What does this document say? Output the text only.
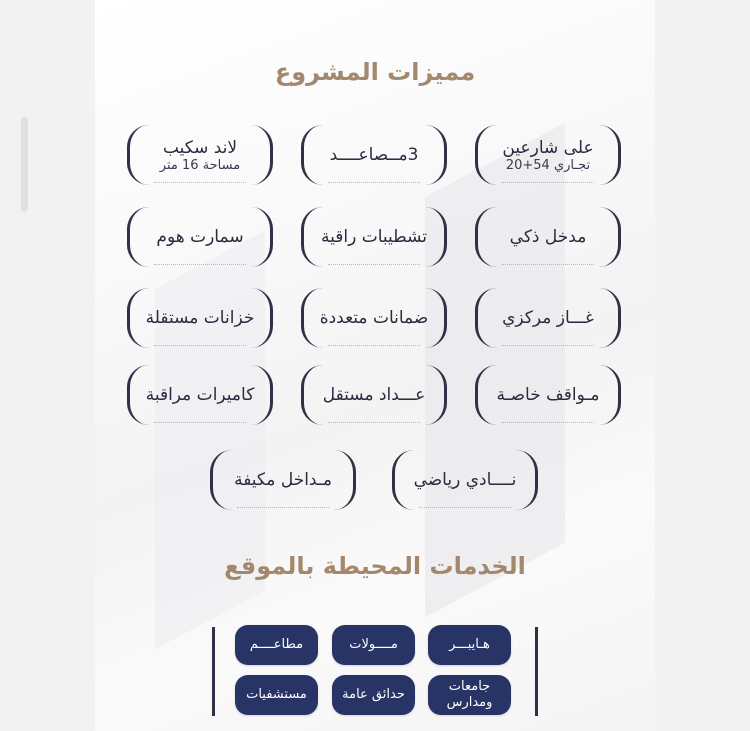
مميزات المشروع
على شارعين
تجـاري 54+20
3مــصاعــــد
لاند سكيب
مساحة 16 متر
مدخل ذكي
تشطيبات راقية
سمارت هوم
غـــاز مركزي
ضمانات متعددة
خزانات مستقلة
مـواقف خاصـة
عـــداد مستقل
كاميرات مراقبة
نــــادي رياضي
مـداخل مكيفة
الخدمات المحيطة بالموقع
هـايبـــر
مــــولات
مطاعــــم
جامعات ومدارس
حدائق عامة
مستشفيات
